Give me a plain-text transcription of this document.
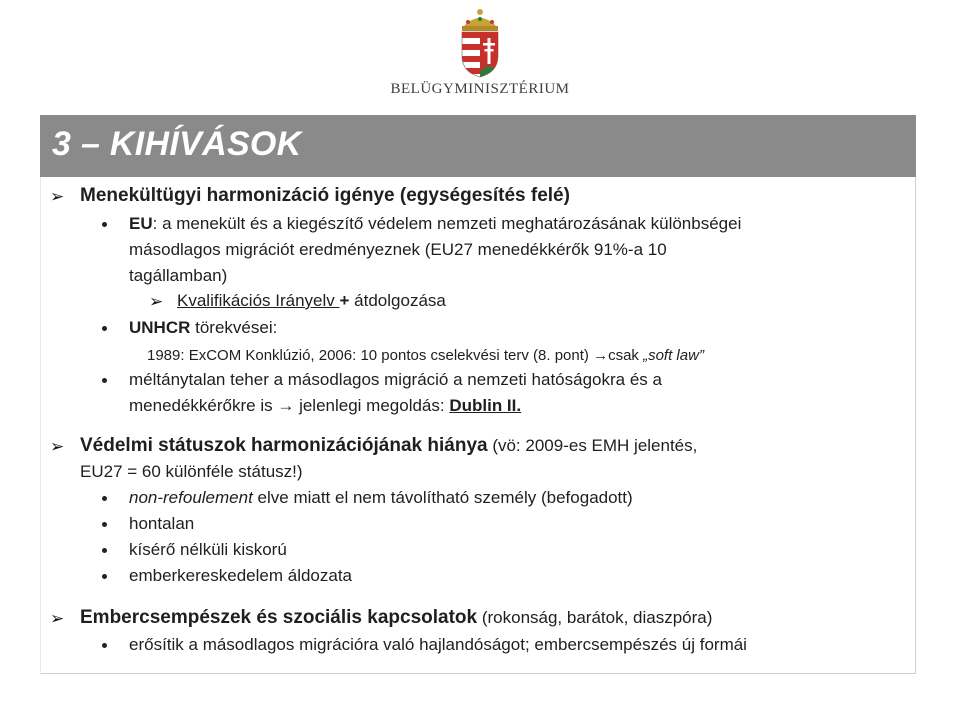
BELÜGYMINISZTÉRIUM
3 – KIHÍVÁSOK
➢ Menekültügyi harmonizáció igénye (egységesítés felé)
EU: a menekült és a kiegészítő védelem nemzeti meghatározásának különbségei
másodlagos migrációt eredményeznek (EU27 menedékkérők 91%-a 10
tagállamban)
➢ Kvalifikációs Irányelv + átdolgozása
UNHCR törekvései:
1989: ExCOM Konklúzió, 2006: 10 pontos cselekvési terv (8. pont) →csak „soft law”
méltánytalan teher a másodlagos migráció a nemzeti hatóságokra és a
menedékkérőkre is → jelenlegi megoldás: Dublin II.
➢ Védelmi státuszok harmonizációjának hiánya (vö: 2009-es EMH jelentés,
EU27 = 60 különféle státusz!)
non-refoulement elve miatt el nem távolítható személy (befogadott)
hontalan
kísérő nélküli kiskorú
emberkereskedelem áldozata
➢ Embercsempészek és szociális kapcsolatok (rokonság, barátok, diaszpóra)
erősítik a másodlagos migrációra való hajlandóságot; embercsempészés új formái
